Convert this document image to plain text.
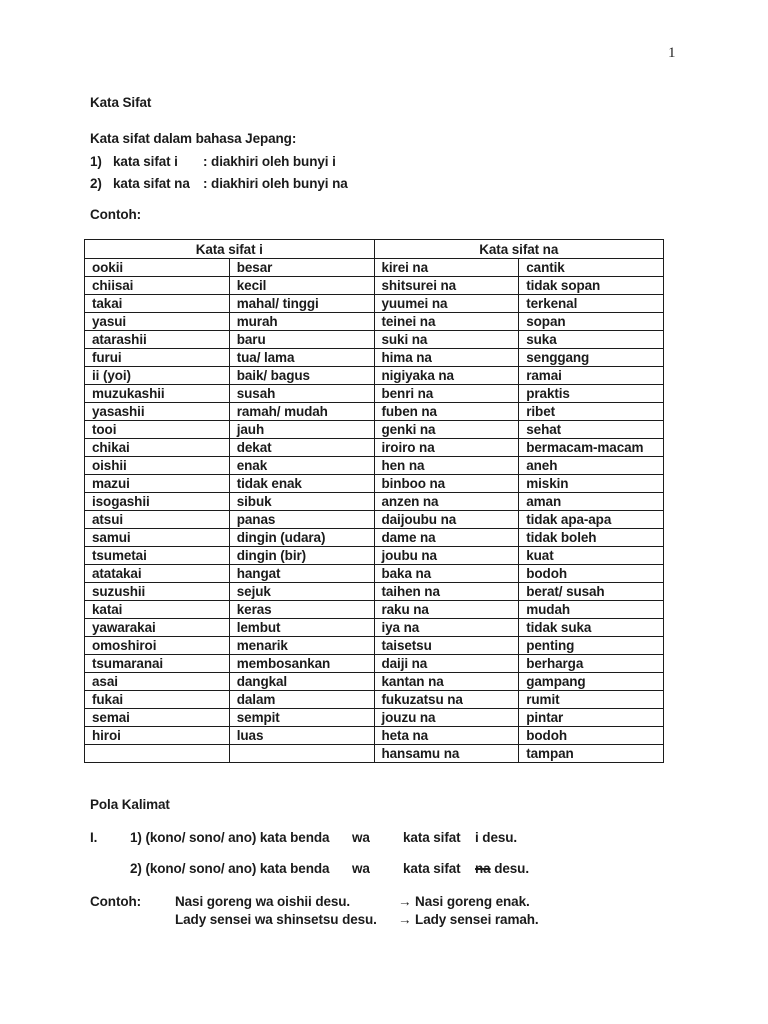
1
Kata Sifat
Kata sifat dalam bahasa Jepang:
1) kata sifat i : diakhiri oleh bunyi i
2) kata sifat na : diakhiri oleh bunyi na
Contoh:
Kata sifat i		Kata sifat na	
ookii	besar	kirei na	cantik
chiisai	kecil	shitsurei na	tidak sopan
takai	mahal/ tinggi	yuumei na	terkenal
yasui	murah	teinei na	sopan
atarashii	baru	suki na	suka
furui	tua/ lama	hima na	senggang
ii (yoi)	baik/ bagus	nigiyaka na	ramai
muzukashii	susah	benri na	praktis
yasashii	ramah/ mudah	fuben na	ribet
tooi	jauh	genki na	sehat
chikai	dekat	iroiro na	bermacam-macam
oishii	enak	hen na	aneh
mazui	tidak enak	binboo na	miskin
isogashii	sibuk	anzen na	aman
atsui	panas	daijoubu na	tidak apa-apa
samui	dingin (udara)	dame na	tidak boleh
tsumetai	dingin (bir)	joubu na	kuat
atatakai	hangat	baka na	bodoh
suzushii	sejuk	taihen na	berat/ susah
katai	keras	raku na	mudah
yawarakai	lembut	iya na	tidak suka
omoshiroi	menarik	taisetsu	penting
tsumaranai	membosankan	daiji na	berharga
asai	dangkal	kantan na	gampang
fukai	dalam	fukuzatsu na	rumit
semai	sempit	jouzu na	pintar
hiroi	luas	heta na	bodoh
		hansamu na	tampan
Pola Kalimat
I. 1) (kono/ sono/ ano) kata benda wa kata sifat i desu.
2) (kono/ sono/ ano) kata benda wa kata sifat na desu.
Contoh:	Nasi goreng wa oishii desu.	→ Nasi goreng enak.
Lady sensei wa shinsetsu desu. → Lady sensei ramah.
